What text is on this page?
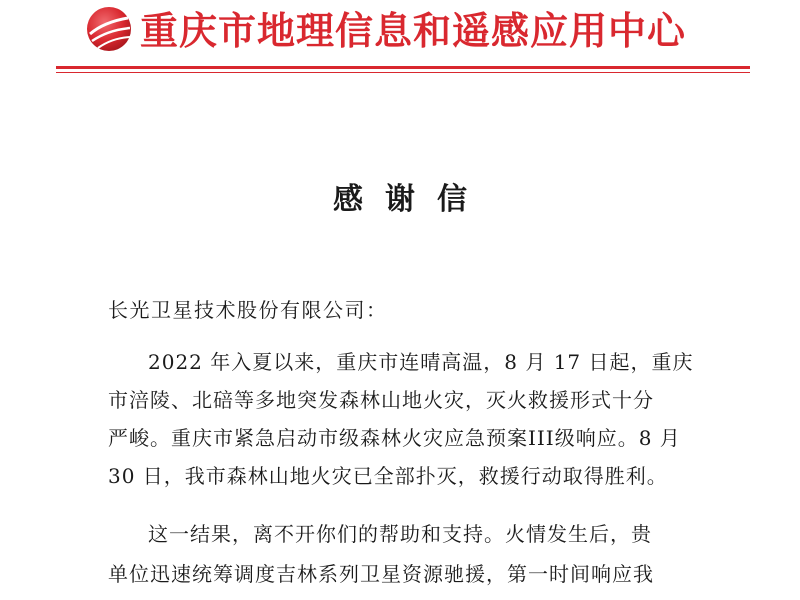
重庆市地理信息和遥感应用中心
感谢信
长光卫星技术股份有限公司：
2022 年入夏以来，重庆市连晴高温，8 月 17 日起，重庆
市涪陵、北碚等多地突发森林山地火灾，灭火救援形式十分
严峻。重庆市紧急启动市级森林火灾应急预案III级响应。8 月
30 日，我市森林山地火灾已全部扑灭，救援行动取得胜利。
这一结果，离不开你们的帮助和支持。火情发生后，贵
单位迅速统筹调度吉林系列卫星资源驰援，第一时间响应我
